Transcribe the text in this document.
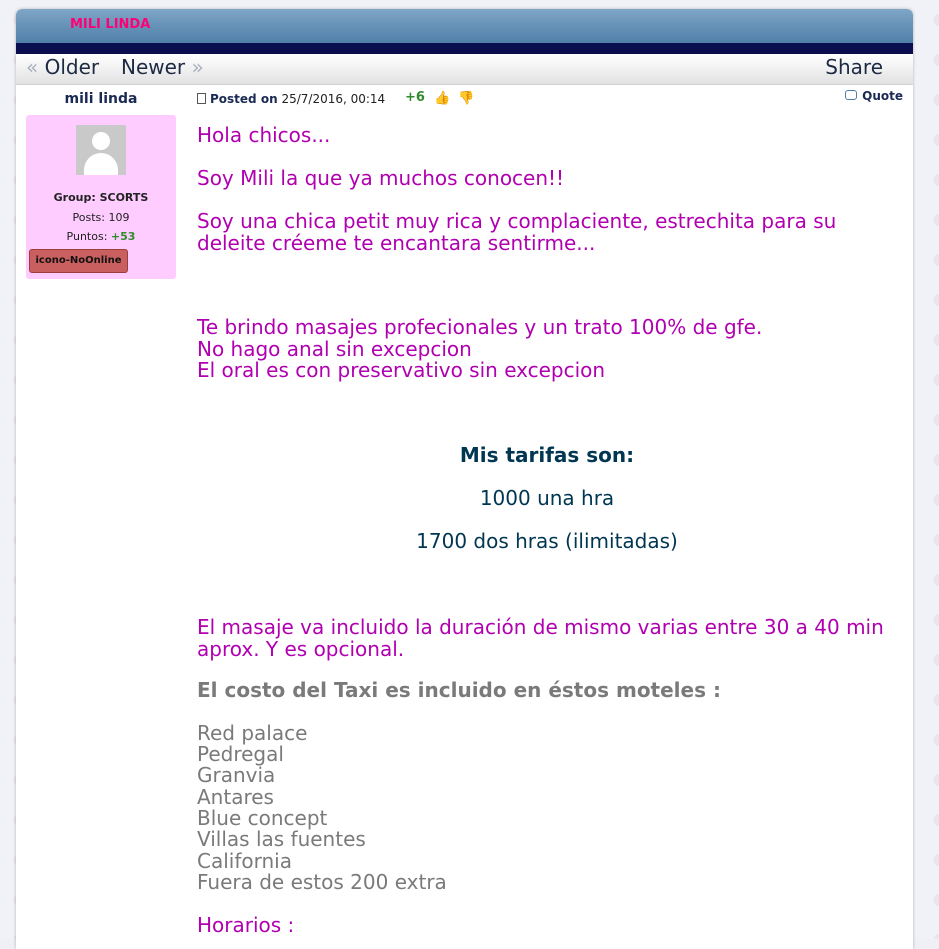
MILI LINDA
« Older Newer »	Share
mili linda
Group: SCORTS
Posts: 109
Puntos: +53
icono-NoOnline
Posted on 25/7/2016, 00:14 +6 👍 👎	Quote

Hola chicos...

Soy Mili la que ya muchos conocen!!

Soy una chica petit muy rica y complaciente, estrechita para su deleite créeme te encantara sentirme...

Te brindo masajes profecionales y un trato 100% de gfe.

No hago anal sin excepcion

El oral es con preservativo sin excepcion

Mis tarifas son:

1000 una hra

1700 dos hras (ilimitadas)

El masaje va incluido la duración de mismo varias entre 30 a 40 min aprox. Y es opcional.

El costo del Taxi es incluido en éstos moteles :

Red palace

Pedregal

Granvia

Antares

Blue concept

Villas las fuentes

California

Fuera de estos 200 extra

Horarios :
